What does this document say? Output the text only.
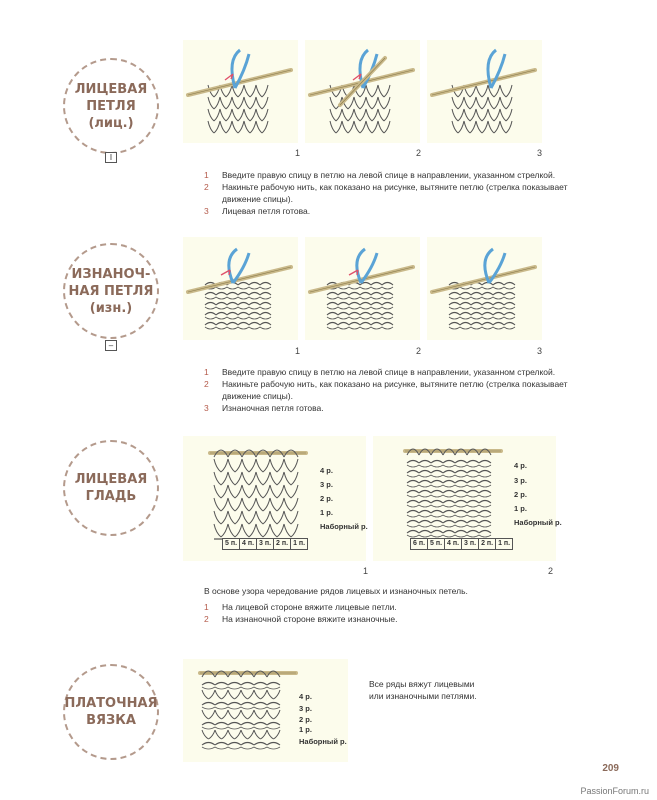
ЛИЦЕВАЯ
ПЕТЛЯ
(лиц.)
I	1	2	3
1	Введите правую спицу в петлю на левой спице в направлении, указанном стрелкой.
2	Накиньте рабочую нить, как показано на рисунке, вытяните петлю (стрелка показывает движение спицы).
3	Лицевая петля готова.
ИЗНАНОЧ-
НАЯ ПЕТЛЯ
(изн.)
–
1	2	3
1	Введите правую спицу в петлю на левой спице в направлении, указанном стрелкой.
2	Накиньте рабочую нить, как показано на рисунке, вытяните петлю (стрелка показывает движение спицы).
3	Изнаночная петля готова.
ЛИЦЕВАЯ
ГЛАДЬ
4 р.
3 р.
2 р.
1 р.
Наборный р.
5 п. 4 п. 3 п. 2 п. 1 п.
4 р.
3 р.
2 р.
1 р.
Наборный р.
6 п. 5 п. 4 п. 3 п. 2 п. 1 п.
1	2
В основе узора чередование рядов лицевых и изнаночных петель.
1	На лицевой стороне вяжите лицевые петли.
2	На изнаночной стороне вяжите изнаночные.
ПЛАТОЧНАЯ
ВЯЗКА
4 р.
3 р.
2 р.
1 р.
Наборный р.
Все ряды вяжут лицевыми
или изнаночными петлями.
209
PassionForum.ru
